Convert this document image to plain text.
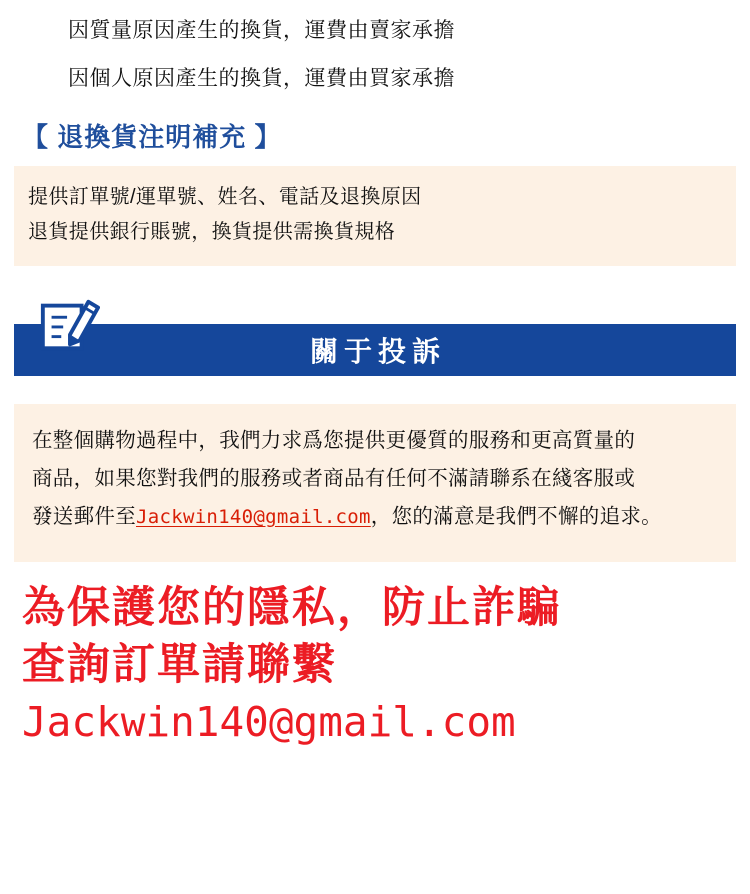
因質量原因產生的換貨，運費由賣家承擔
因個人原因產生的換貨，運費由買家承擔
【 退換貨注明補充 】
提供訂單號/運單號、姓名、電話及退換原因
退貨提供銀行賬號，換貨提供需換貨規格
關于投訴
在整個購物過程中，我們力求爲您提供更優質的服務和更高質量的
商品，如果您對我們的服務或者商品有任何不滿請聯系在綫客服或
發送郵件至Jackwin140@gmail.com，您的滿意是我們不懈的追求。
為保護您的隱私，防止詐騙
查詢訂單請聯繫
Jackwin140@gmail.com
